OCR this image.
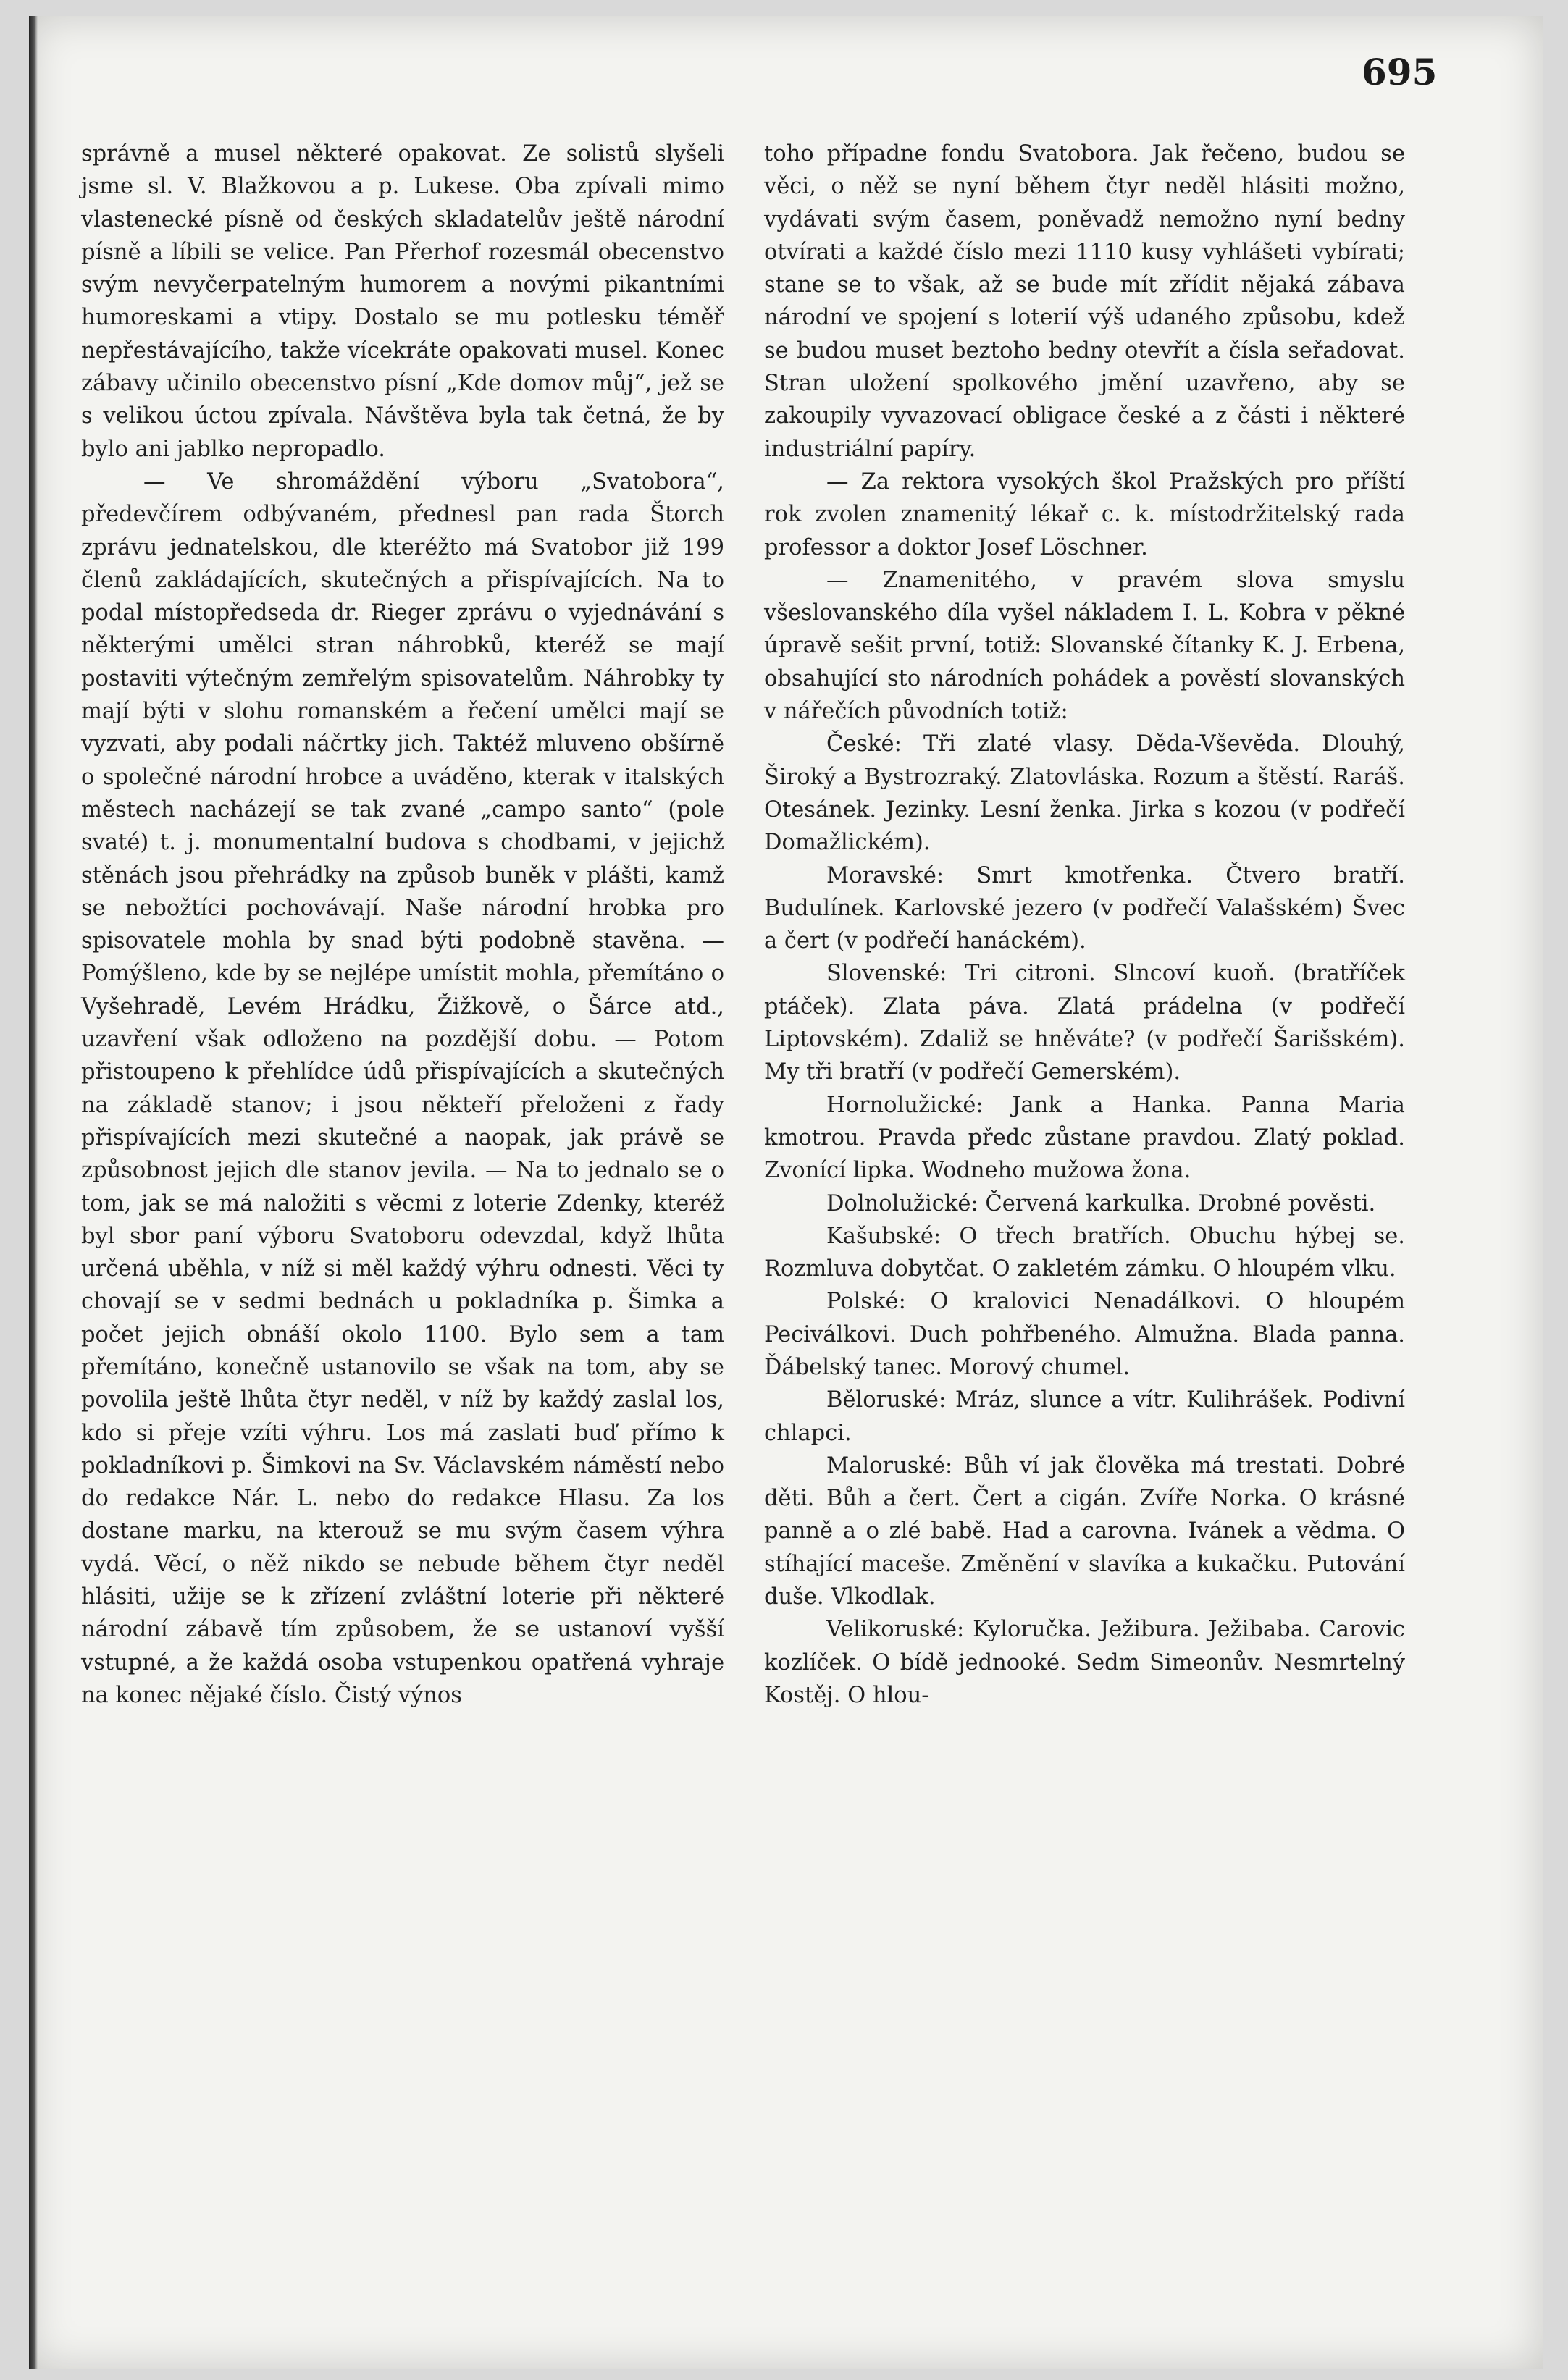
695

správně a musel některé opakovat. Ze solistů slyšeli jsme sl. V. Blažkovou a p. Lukese. Oba zpívali mimo vlastenecké písně od českých skladatelův ještě národní písně a líbili se velice. Pan Přerhof rozesmál obecenstvo svým nevyčerpatelným humorem a novými pikantními humoreskami a vtipy. Dostalo se mu potlesku téměř nepřestávajícího, takže vícekráte opakovati musel. Konec zábavy učinilo obecenstvo písní „Kde domov můj“, jež se s velikou úctou zpívala. Návštěva byla tak četná, že by bylo ani jablko nepropadlo.

— Ve shromáždění výboru „Svatobora“, předevčírem odbývaném, přednesl pan rada Štorch zprávu jednatelskou, dle kteréžto má Svatobor již 199 členů zakládajících, skutečných a přispívajících. Na to podal místopředseda dr. Rieger zprávu o vyjednávání s některými umělci stran náhrobků, kteréž se mají postaviti výtečným zemřelým spisovatelům. Náhrobky ty mají býti v slohu romanském a řečení umělci mají se vyzvati, aby podali náčrtky jich. Taktéž mluveno obšírně o společné národní hrobce a uváděno, kterak v italských městech nacházejí se tak zvané „campo santo“ (pole svaté) t. j. monumentalní budova s chodbami, v jejichž stěnách jsou přehrádky na způsob buněk v plášti, kamž se nebožtíci pochovávají. Naše národní hrobka pro spisovatele mohla by snad býti podobně stavěna. — Pomýšleno, kde by se nejlépe umístit mohla, přemítáno o Vyšehradě, Levém Hrádku, Žižkově, o Šárce atd., uzavření však odloženo na pozdější dobu. — Potom přistoupeno k přehlídce údů přispívajících a skutečných na základě stanov; i jsou někteří přeloženi z řady přispívajících mezi skutečné a naopak, jak právě se způsobnost jejich dle stanov jevila. — Na to jednalo se o tom, jak se má naložiti s věcmi z loterie Zdenky, kteréž byl sbor paní výboru Svatoboru odevzdal, když lhůta určená uběhla, v níž si měl každý výhru odnesti. Věci ty chovají se v sedmi bednách u pokladníka p. Šimka a počet jejich obnáší okolo 1100. Bylo sem a tam přemítáno, konečně ustanovilo se však na tom, aby se povolila ještě lhůta čtyr neděl, v níž by každý zaslal los, kdo si přeje vzíti výhru. Los má zaslati buď přímo k pokladníkovi p. Šimkovi na Sv. Václavském náměstí nebo do redakce Nár. L. nebo do redakce Hlasu. Za los dostane marku, na kterouž se mu svým časem výhra vydá. Věcí, o něž nikdo se nebude během čtyr neděl hlásiti, užije se k zřízení zvláštní loterie při některé národní zábavě tím způsobem, že se ustanoví vyšší vstupné, a že každá osoba vstupenkou opatřená vyhraje na konec nějaké číslo. Čistý výnos

toho případne fondu Svatobora. Jak řečeno, budou se věci, o něž se nyní během čtyr neděl hlásiti možno, vydávati svým časem, poněvadž nemožno nyní bedny otvírati a každé číslo mezi 1110 kusy vyhlášeti vybírati; stane se to však, až se bude mít zřídit nějaká zábava národní ve spojení s loterií výš udaného způsobu, kdež se budou muset beztoho bedny otevřít a čísla seřadovat. Stran uložení spolkového jmění uzavřeno, aby se zakoupily vyvazovací obligace české a z části i některé industriální papíry.

— Za rektora vysokých škol Pražských pro příští rok zvolen znamenitý lékař c. k. místodržitelský rada professor a doktor Josef Löschner.

— Znamenitého, v pravém slova smyslu všeslovanského díla vyšel nákladem I. L. Kobra v pěkné úpravě sešit první, totiž: Slovanské čítanky K. J. Erbena, obsahující sto národních pohádek a pověstí slovanských v nářečích původních totiž:

České: Tři zlaté vlasy. Děda-Vševěda. Dlouhý, Široký a Bystrozraký. Zlatovláska. Rozum a štěstí. Raráš. Otesánek. Jezinky. Lesní ženka. Jirka s kozou (v podřečí Domažlickém).

Moravské: Smrt kmotřenka. Čtvero bratří. Budulínek. Karlovské jezero (v podřečí Valašském) Švec a čert (v podřečí hanáckém).

Slovenské: Tri citroni. Slncoví kuoň. (bratříček ptáček). Zlata páva. Zlatá prádelna (v podřečí Liptovském). Zdaliž se hněváte? (v podřečí Šarišském). My tři bratří (v podřečí Gemerském).

Hornolužické: Jank a Hanka. Panna Maria kmotrou. Pravda předc zůstane pravdou. Zlatý poklad. Zvonící lipka. Wodneho mužowa žona.

Dolnolužické: Červená karkulka. Drobné pověsti.

Kašubské: O třech bratřích. Obuchu hýbej se. Rozmluva dobytčat. O zakletém zámku. O hloupém vlku.

Polské: O kralovici Nenadálkovi. O hloupém Peciválkovi. Duch pohřbeného. Almužna. Blada panna. Ďábelský tanec. Morový chumel.

Běloruské: Mráz, slunce a vítr. Kulihrášek. Podivní chlapci.

Maloruské: Bůh ví jak člověka má trestati. Dobré děti. Bůh a čert. Čert a cigán. Zvíře Norka. O krásné panně a o zlé babě. Had a carovna. Ivánek a vědma. O stíhající maceše. Změnění v slavíka a kukačku. Putování duše. Vlkodlak.

Velikoruské: Kyloručka. Ježibura. Ježibaba. Carovic kozlíček. O bídě jednooké. Sedm Simeonův. Nesmrtelný Kostěj. O hlou-
